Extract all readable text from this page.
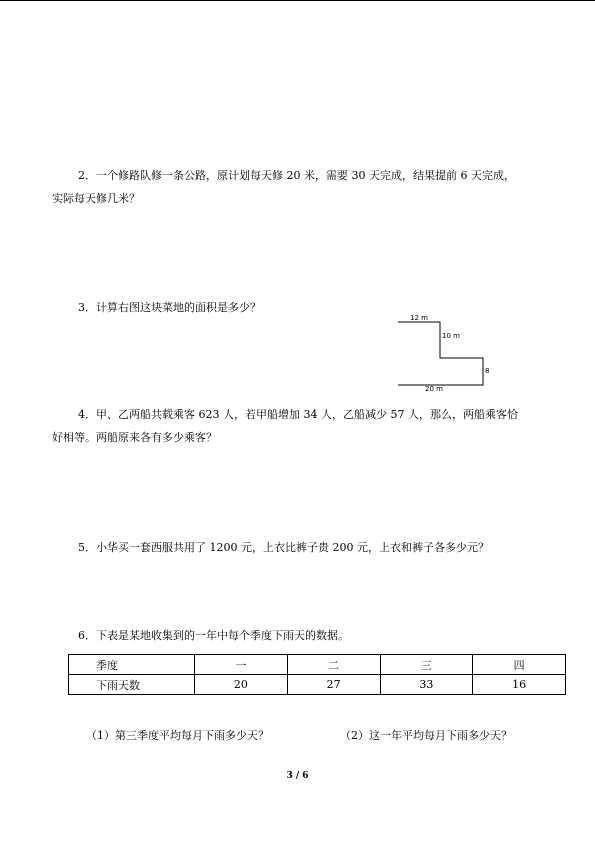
2．一个修路队修一条公路，原计划每天修 20 米，需要 30 天完成，结果提前 6 天完成，
实际每天修几米？
3．计算右图这块菜地的面积是多少？
12 m
10 m
8
20 m
4．甲、乙两船共载乘客 623 人，若甲船增加 34 人，乙船减少 57 人，那么，两船乘客恰
好相等。两船原来各有多少乘客？
5．小华买一套西服共用了 1200 元，上衣比裤子贵 200 元，上衣和裤子各多少元？
6．下表是某地收集到的一年中每个季度下雨天的数据。
季度	一	二	三	四
下雨天数	20	27	33	16
（1）第三季度平均每月下雨多少天？	（2）这一年平均每月下雨多少天？
3 / 6
